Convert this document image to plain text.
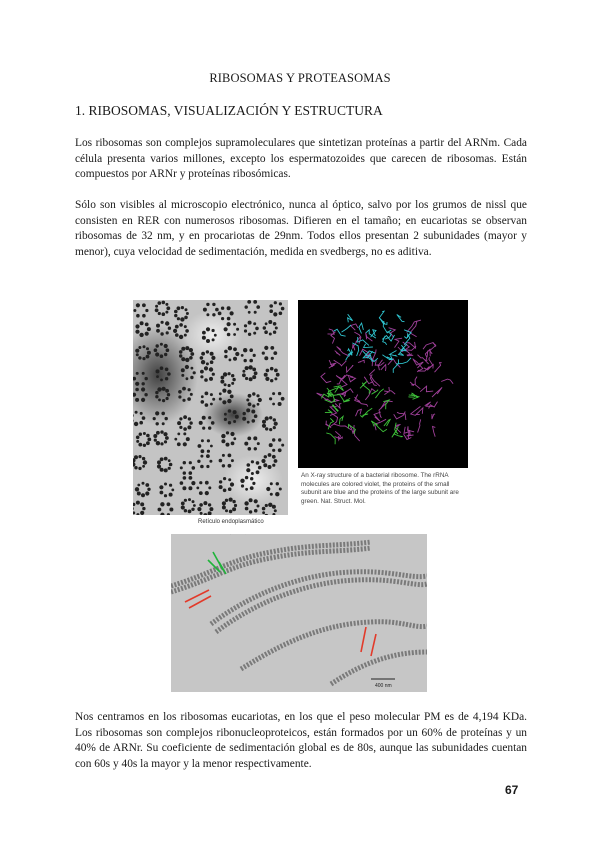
RIBOSOMAS Y PROTEASOMAS
1. RIBOSOMAS, VISUALIZACIÓN Y ESTRUCTURA

Los ribosomas son complejos supramoleculares que sintetizan proteínas a partir del ARNm. Cada célula presenta varios millones, excepto los espermatozoides que carecen de ribosomas. Están compuestos por ARNr y proteínas ribosómicas.

Sólo son visibles al microscopio electrónico, nunca al óptico, salvo por los grumos de nissl que consisten en RER con numerosos ribosomas. Difieren en el tamaño; en eucariotas se observan ribosomas de 32 nm, y en procariotas de 29nm. Todos ellos presentan 2 subunidades (mayor y menor), cuya velocidad de sedimentación, medida en svedbergs, no es aditiva.

An X-ray structure of a bacterial ribosome. The rRNA molecules are colored violet, the proteins of the small subunit are blue and the proteins of the large subunit are green. Nat. Struct. Mol.
Retículo endoplasmático
400 nm

Nos centramos en los ribosomas eucariotas, en los que el peso molecular PM es de 4,194 KDa. Los ribosomas son complejos ribonucleoproteicos, están formados por un 60% de proteínas y un 40% de ARNr. Su coeficiente de sedimentación global es de 80s, aunque las subunidades cuentan con 60s y 40s la mayor y la menor respectivamente.

67
